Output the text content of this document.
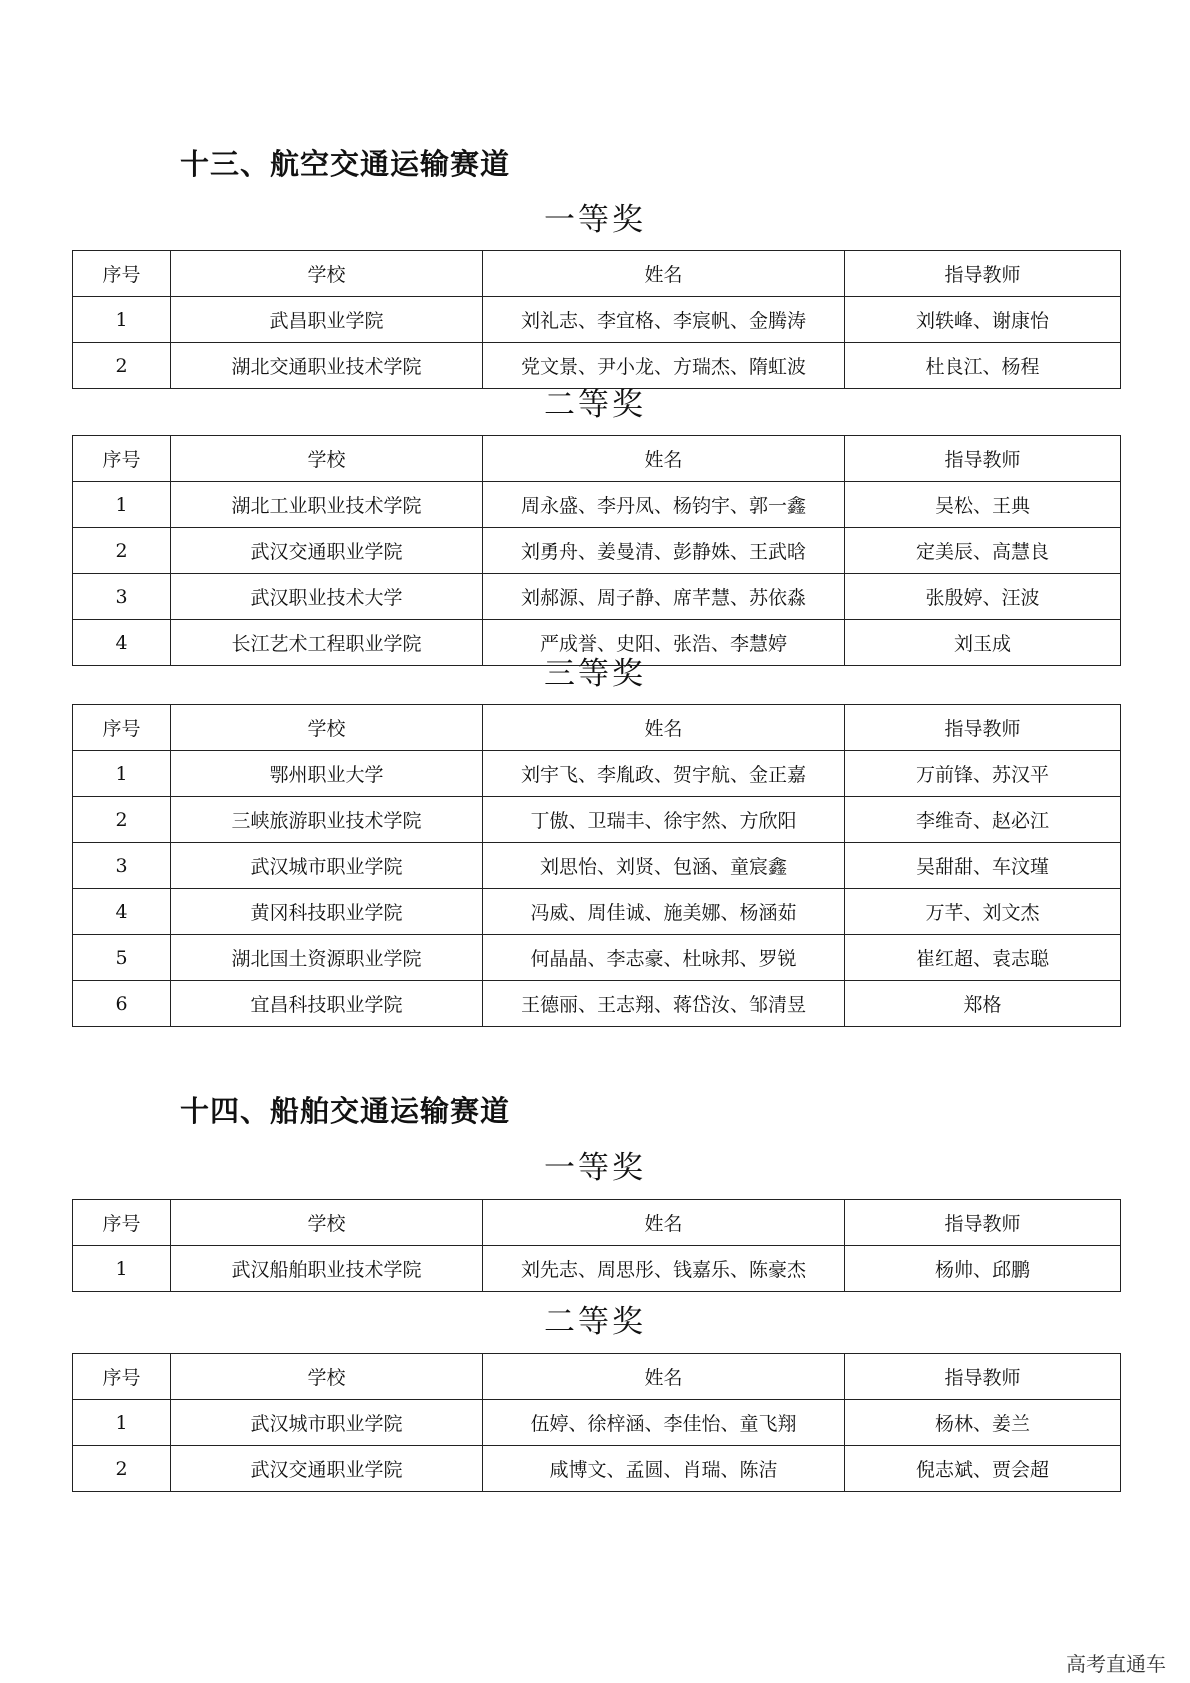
十三、航空交通运输赛道
一等奖
序号	学校	姓名	指导教师
1	武昌职业学院	刘礼志、李宜格、李宸帆、金腾涛	刘轶峰、谢康怡
2	湖北交通职业技术学院	党文景、尹小龙、方瑞杰、隋虹波	杜良江、杨程
二等奖
序号	学校	姓名	指导教师
1	湖北工业职业技术学院	周永盛、李丹凤、杨钧宇、郭一鑫	吴松、王典
2	武汉交通职业学院	刘勇舟、姜曼清、彭静姝、王武晗	定美辰、高慧良
3	武汉职业技术大学	刘郝源、周子静、席芊慧、苏依淼	张殷婷、汪波
4	长江艺术工程职业学院	严成誉、史阳、张浩、李慧婷	刘玉成
三等奖
序号	学校	姓名	指导教师
1	鄂州职业大学	刘宇飞、李胤政、贺宇航、金正嘉	万前锋、苏汉平
2	三峡旅游职业技术学院	丁傲、卫瑞丰、徐宇然、方欣阳	李维奇、赵必江
3	武汉城市职业学院	刘思怡、刘贤、包涵、童宸鑫	吴甜甜、车汶瑾
4	黄冈科技职业学院	冯威、周佳诚、施美娜、杨涵茹	万芊、刘文杰
5	湖北国土资源职业学院	何晶晶、李志豪、杜咏邦、罗锐	崔红超、袁志聪
6	宜昌科技职业学院	王德丽、王志翔、蒋岱汝、邹清昱	郑格
十四、船舶交通运输赛道
一等奖
序号	学校	姓名	指导教师
1	武汉船舶职业技术学院	刘先志、周思彤、钱嘉乐、陈豪杰	杨帅、邱鹏
二等奖
序号	学校	姓名	指导教师
1	武汉城市职业学院	伍婷、徐梓涵、李佳怡、童飞翔	杨林、姜兰
2	武汉交通职业学院	咸博文、孟圆、肖瑞、陈洁	倪志斌、贾会超
高考直通车
